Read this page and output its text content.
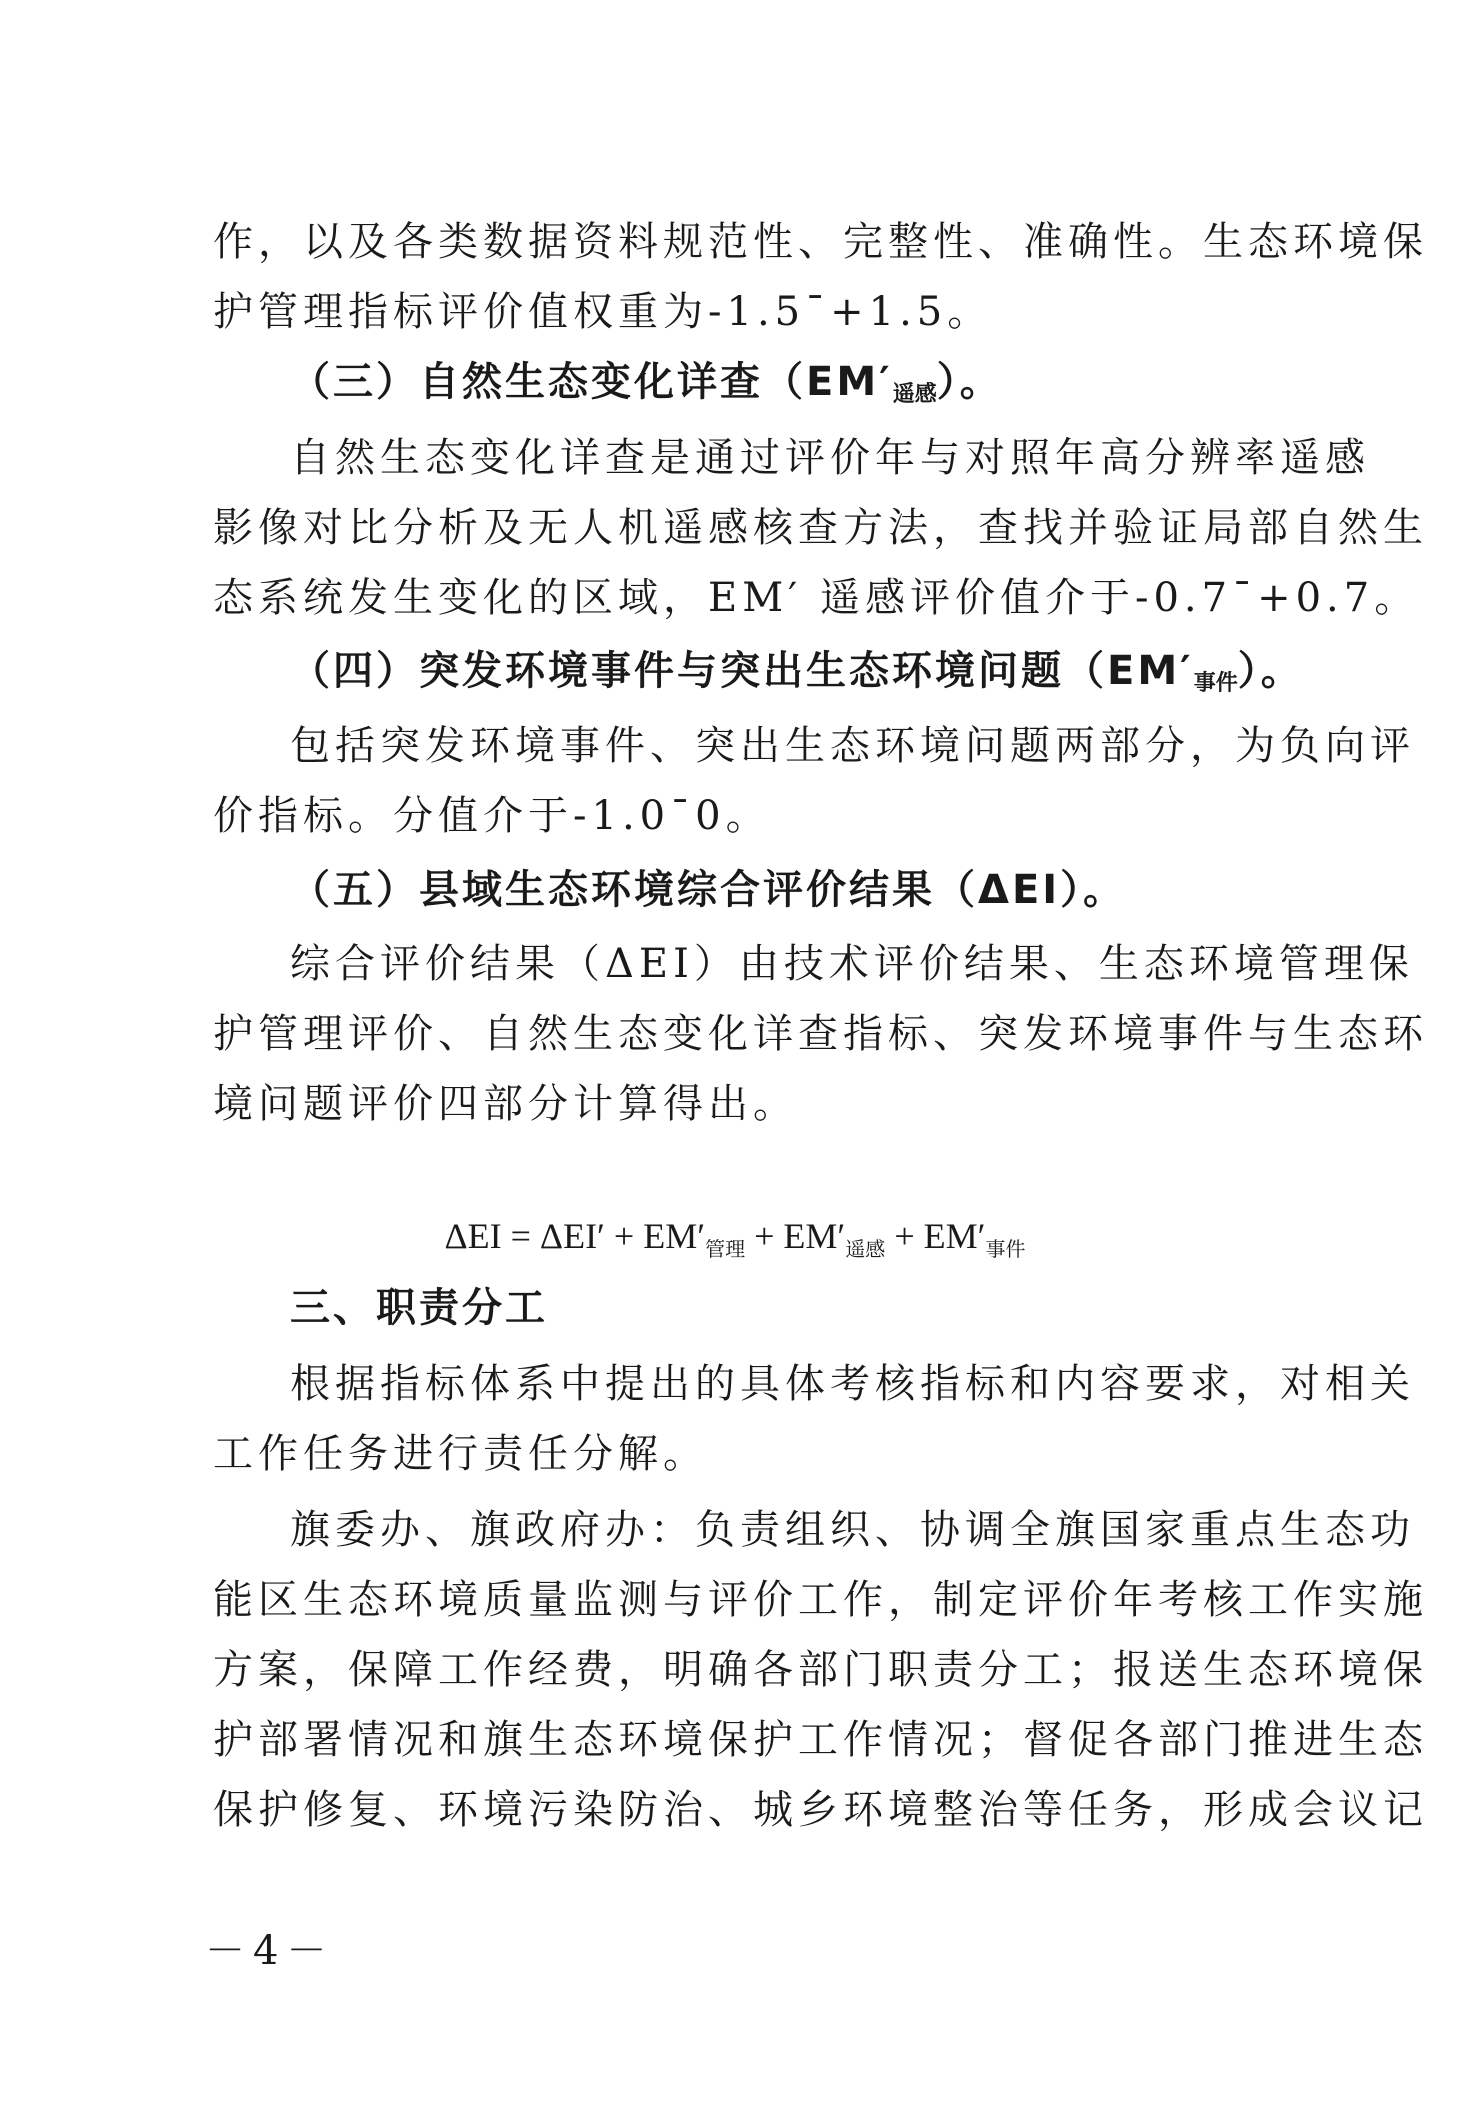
作，以及各类数据资料规范性、完整性、准确性。生态环境保
护管理指标评价值权重为-1.5¯+1.5。
（三）自然生态变化详查$(EM'_{遥感})$。
自然生态变化详查是通过评价年与对照年高分辨率遥感
影像对比分析及无人机遥感核查方法，查找并验证局部自然生
态系统发生变化的区域，EM′ 遥感评价值介于-0.7¯+0.7。
（四）突发环境事件与突出生态环境问题$(EM'_{事件})$。
包括突发环境事件、突出生态环境问题两部分，为负向评
价指标。分值介于-1.0¯0。
（五）县域生态环境综合评价结果（ΔEI）。
综合评价结果（ΔEI）由技术评价结果、生态环境管理保
护管理评价、自然生态变化详查指标、突发环境事件与生态环
境问题评价四部分计算得出。
$\Delta EI = \Delta EI' + EM'_{管理} + EM'_{遥感} + EM'_{事件}$
三、职责分工
根据指标体系中提出的具体考核指标和内容要求，对相关
工作任务进行责任分解。
旗委办、旗政府办：负责组织、协调全旗国家重点生态功
能区生态环境质量监测与评价工作，制定评价年考核工作实施
方案，保障工作经费，明确各部门职责分工；报送生态环境保
护部署情况和旗生态环境保护工作情况；督促各部门推进生态
保护修复、环境污染防治、城乡环境整治等任务，形成会议记
－4－
